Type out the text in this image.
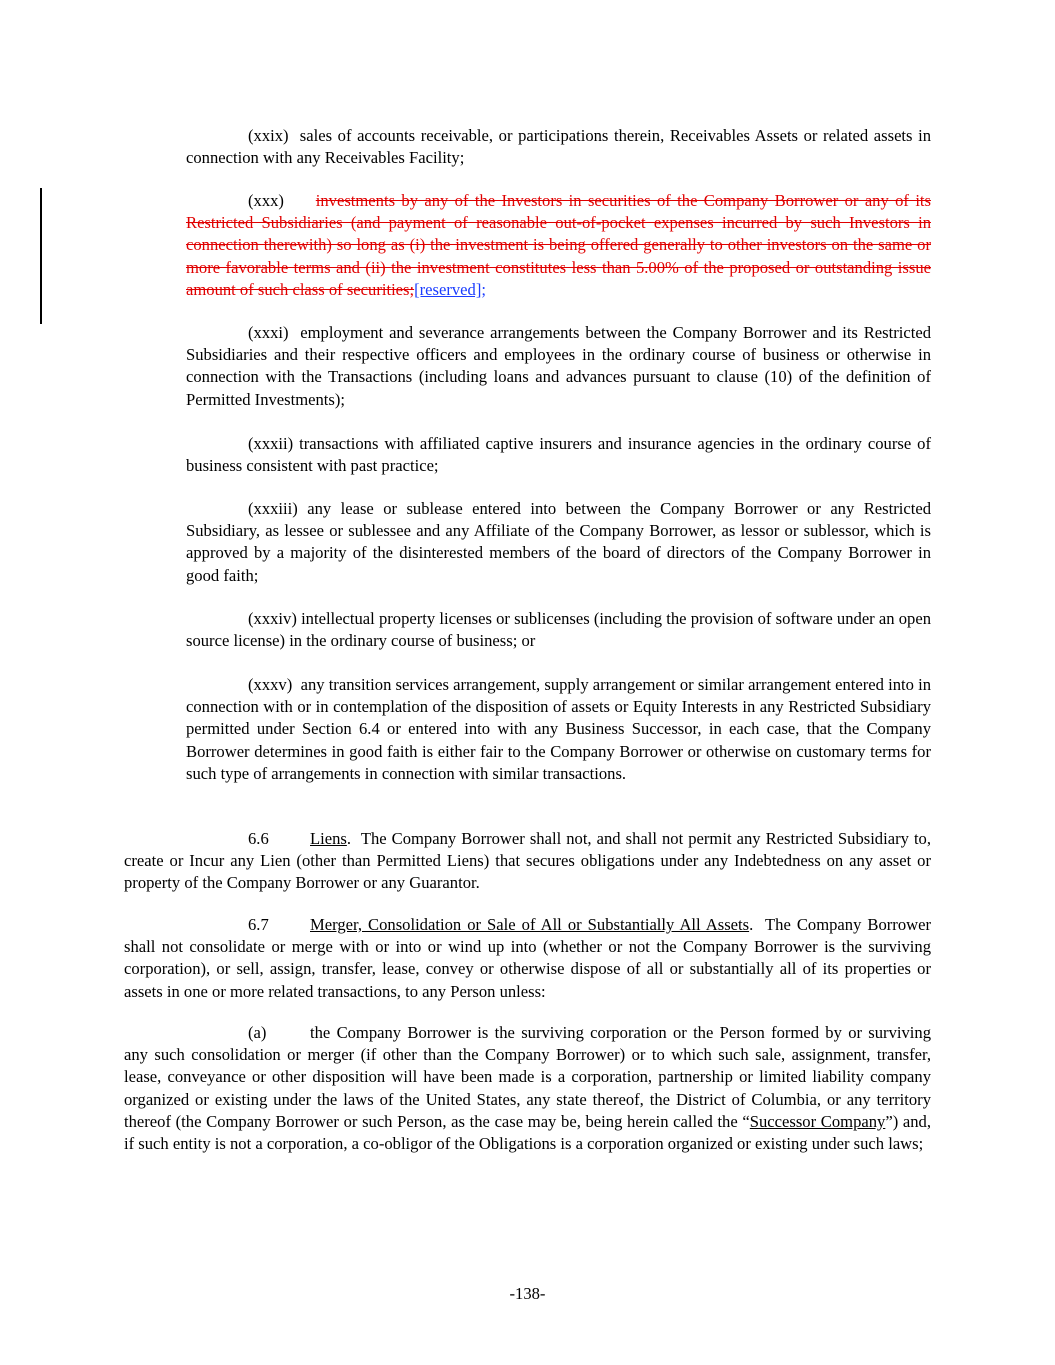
(xxix) sales of accounts receivable, or participations therein, Receivables Assets or related assets in connection with any Receivables Facility;

(xxx) investments by any of the Investors in securities of the Company Borrower or any of its Restricted Subsidiaries (and payment of reasonable out-of-pocket expenses incurred by such Investors in connection therewith) so long as (i) the investment is being offered generally to other investors on the same or more favorable terms and (ii) the investment constitutes less than 5.00% of the proposed or outstanding issue amount of such class of securities;[reserved];

(xxxi) employment and severance arrangements between the Company Borrower and its Restricted Subsidiaries and their respective officers and employees in the ordinary course of business or otherwise in connection with the Transactions (including loans and advances pursuant to clause (10) of the definition of Permitted Investments);

(xxxii) transactions with affiliated captive insurers and insurance agencies in the ordinary course of business consistent with past practice;

(xxxiii) any lease or sublease entered into between the Company Borrower or any Restricted Subsidiary, as lessee or sublessee and any Affiliate of the Company Borrower, as lessor or sublessor, which is approved by a majority of the disinterested members of the board of directors of the Company Borrower in good faith;

(xxxiv) intellectual property licenses or sublicenses (including the provision of software under an open source license) in the ordinary course of business; or

(xxxv) any transition services arrangement, supply arrangement or similar arrangement entered into in connection with or in contemplation of the disposition of assets or Equity Interests in any Restricted Subsidiary permitted under Section 6.4 or entered into with any Business Successor, in each case, that the Company Borrower determines in good faith is either fair to the Company Borrower or otherwise on customary terms for such type of arrangements in connection with similar transactions.

6.6 Liens.  The Company Borrower shall not, and shall not permit any Restricted Subsidiary to, create or Incur any Lien (other than Permitted Liens) that secures obligations under any Indebtedness on any asset or property of the Company Borrower or any Guarantor.

6.7 Merger, Consolidation or Sale of All or Substantially All Assets.  The Company Borrower shall not consolidate or merge with or into or wind up into (whether or not the Company Borrower is the surviving corporation), or sell, assign, transfer, lease, convey or otherwise dispose of all or substantially all of its properties or assets in one or more related transactions, to any Person unless:

(a)	the Company Borrower is the surviving corporation or the Person formed by or surviving any such consolidation or merger (if other than the Company Borrower) or to which such sale, assignment, transfer, lease, conveyance or other disposition will have been made is a corporation, partnership or limited liability company organized or existing under the laws of the United States, any state thereof, the District of Columbia, or any territory thereof (the Company Borrower or such Person, as the case may be, being herein called the “Successor Company”) and, if such entity is not a corporation, a co-obligor of the Obligations is a corporation organized or existing under such laws;

-138-
